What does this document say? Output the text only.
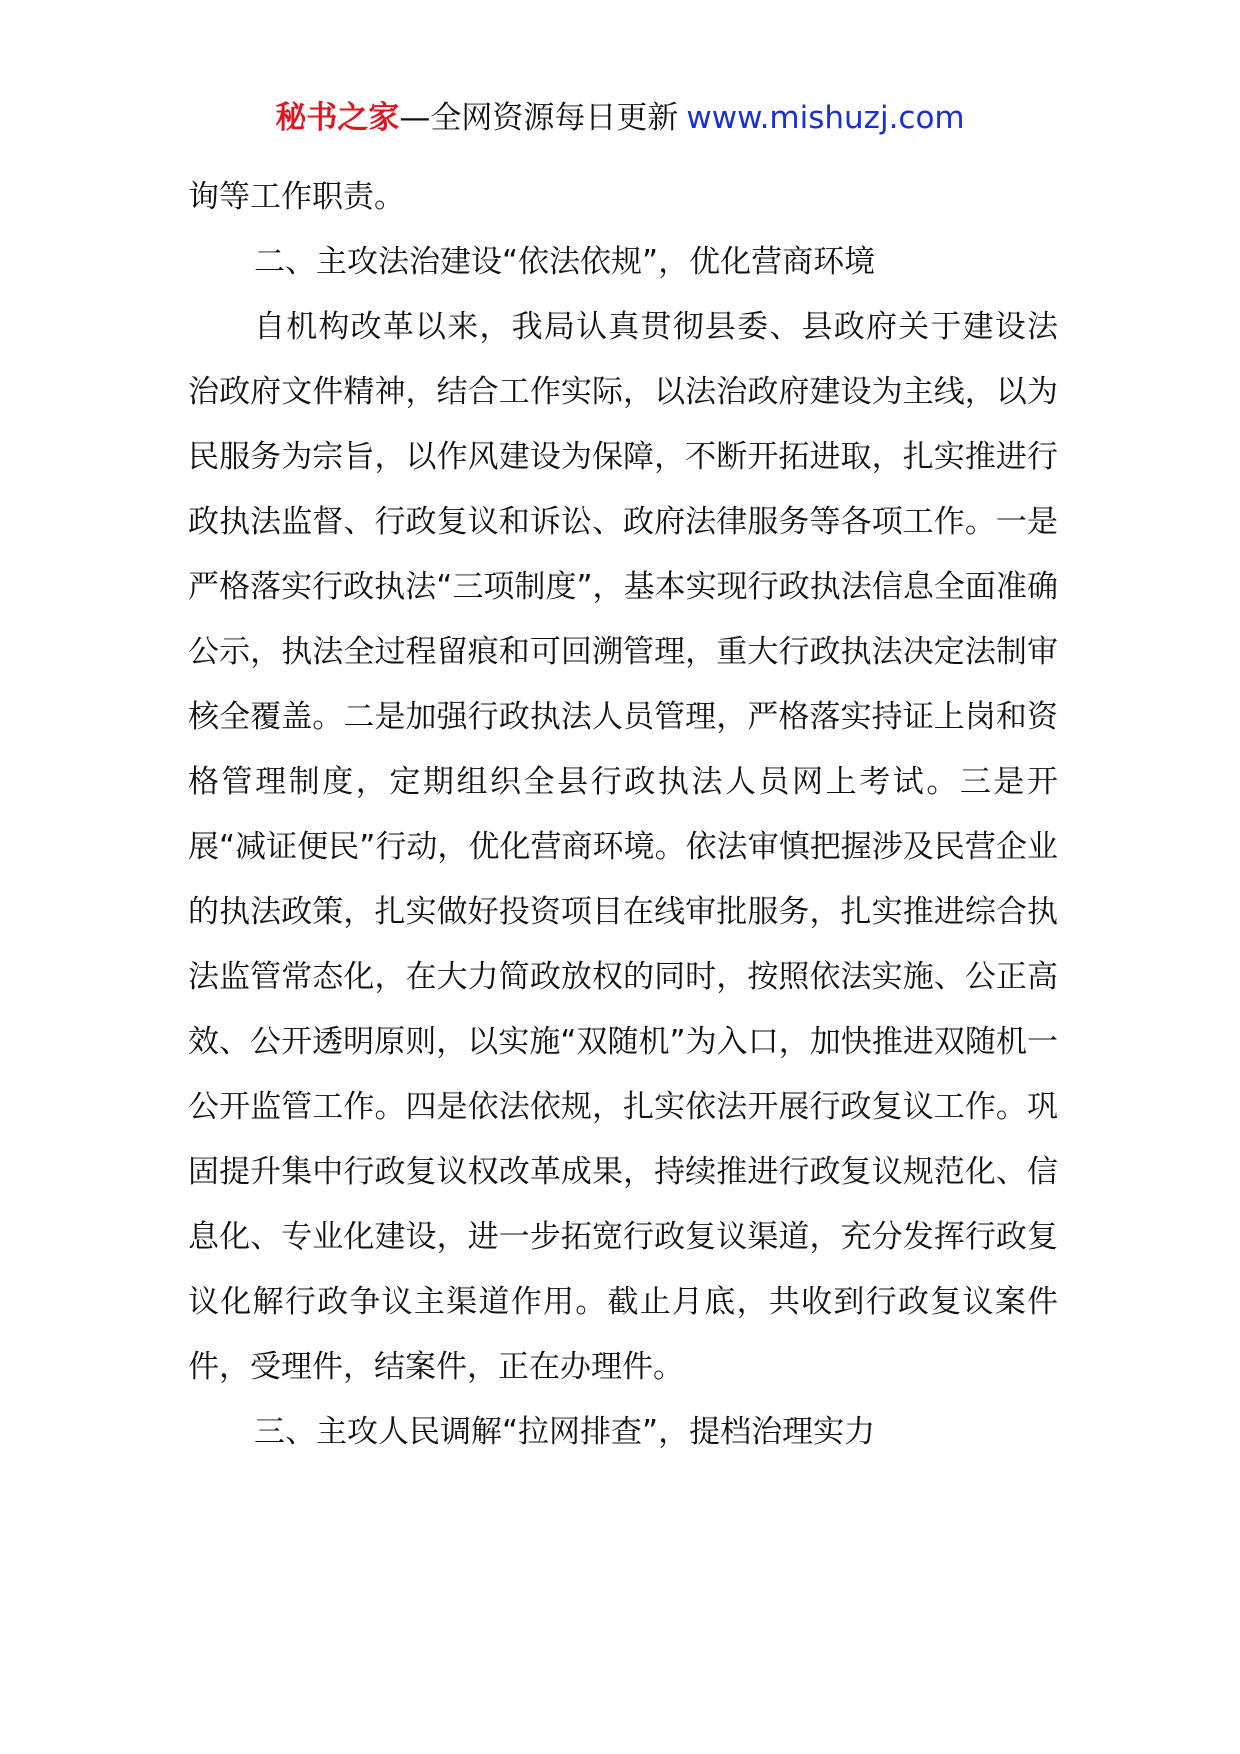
秘书之家—全网资源每日更新 www.mishuzj.com

询等工作职责。

二、主攻法治建设“依法依规”，优化营商环境

自机构改革以来，我局认真贯彻县委、县政府关于建设法治政府文件精神，结合工作实际，以法治政府建设为主线，以为民服务为宗旨，以作风建设为保障，不断开拓进取，扎实推进行政执法监督、行政复议和诉讼、政府法律服务等各项工作。一是严格落实行政执法“三项制度”，基本实现行政执法信息全面准确公示，执法全过程留痕和可回溯管理，重大行政执法决定法制审核全覆盖。二是加强行政执法人员管理，严格落实持证上岗和资格管理制度，定期组织全县行政执法人员网上考试。三是开展“减证便民”行动，优化营商环境。依法审慎把握涉及民营企业的执法政策，扎实做好投资项目在线审批服务，扎实推进综合执法监管常态化，在大力简政放权的同时，按照依法实施、公正高效、公开透明原则，以实施“双随机”为入口，加快推进双随机一公开监管工作。四是依法依规，扎实依法开展行政复议工作。巩固提升集中行政复议权改革成果，持续推进行政复议规范化、信息化、专业化建设，进一步拓宽行政复议渠道，充分发挥行政复议化解行政争议主渠道作用。截止月底，共收到行政复议案件件，受理件，结案件，正在办理件。

三、主攻人民调解“拉网排查”，提档治理实力
